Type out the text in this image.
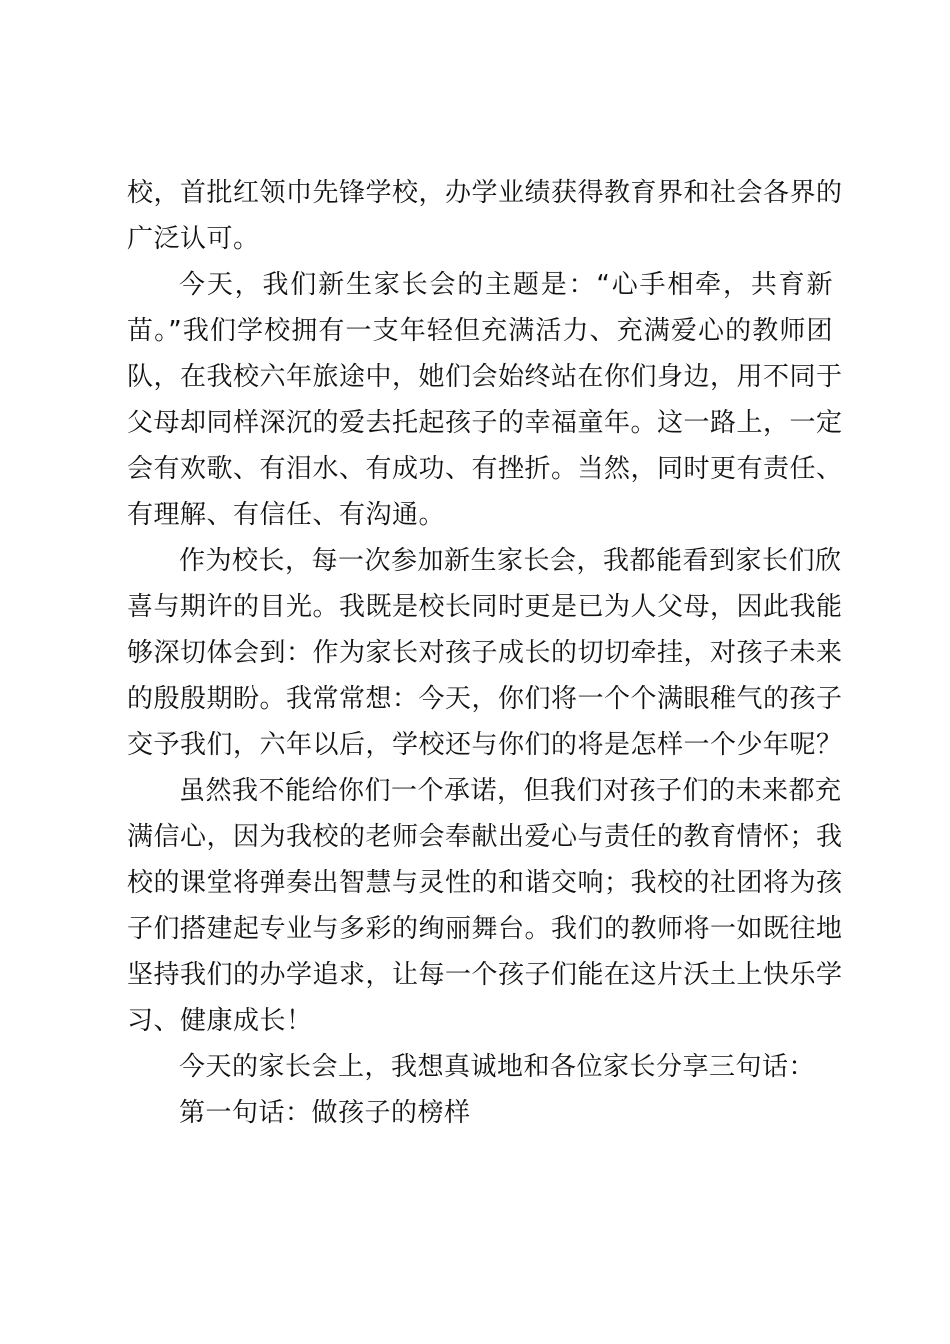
校，首批红领巾先锋学校，办学业绩获得教育界和社会各界的
广泛认可。
今天，我们新生家长会的主题是：“心手相牵，共育新
苗。”我们学校拥有一支年轻但充满活力、充满爱心的教师团
队，在我校六年旅途中，她们会始终站在你们身边，用不同于
父母却同样深沉的爱去托起孩子的幸福童年。这一路上，一定
会有欢歌、有泪水、有成功、有挫折。当然，同时更有责任、
有理解、有信任、有沟通。
作为校长，每一次参加新生家长会，我都能看到家长们欣
喜与期许的目光。我既是校长同时更是已为人父母，因此我能
够深切体会到：作为家长对孩子成长的切切牵挂，对孩子未来
的殷殷期盼。我常常想：今天，你们将一个个满眼稚气的孩子
交予我们，六年以后，学校还与你们的将是怎样一个少年呢？
虽然我不能给你们一个承诺，但我们对孩子们的未来都充
满信心，因为我校的老师会奉献出爱心与责任的教育情怀；我
校的课堂将弹奏出智慧与灵性的和谐交响；我校的社团将为孩
子们搭建起专业与多彩的绚丽舞台。我们的教师将一如既往地
坚持我们的办学追求，让每一个孩子们能在这片沃土上快乐学
习、健康成长！
今天的家长会上，我想真诚地和各位家长分享三句话：
第一句话：做孩子的榜样
